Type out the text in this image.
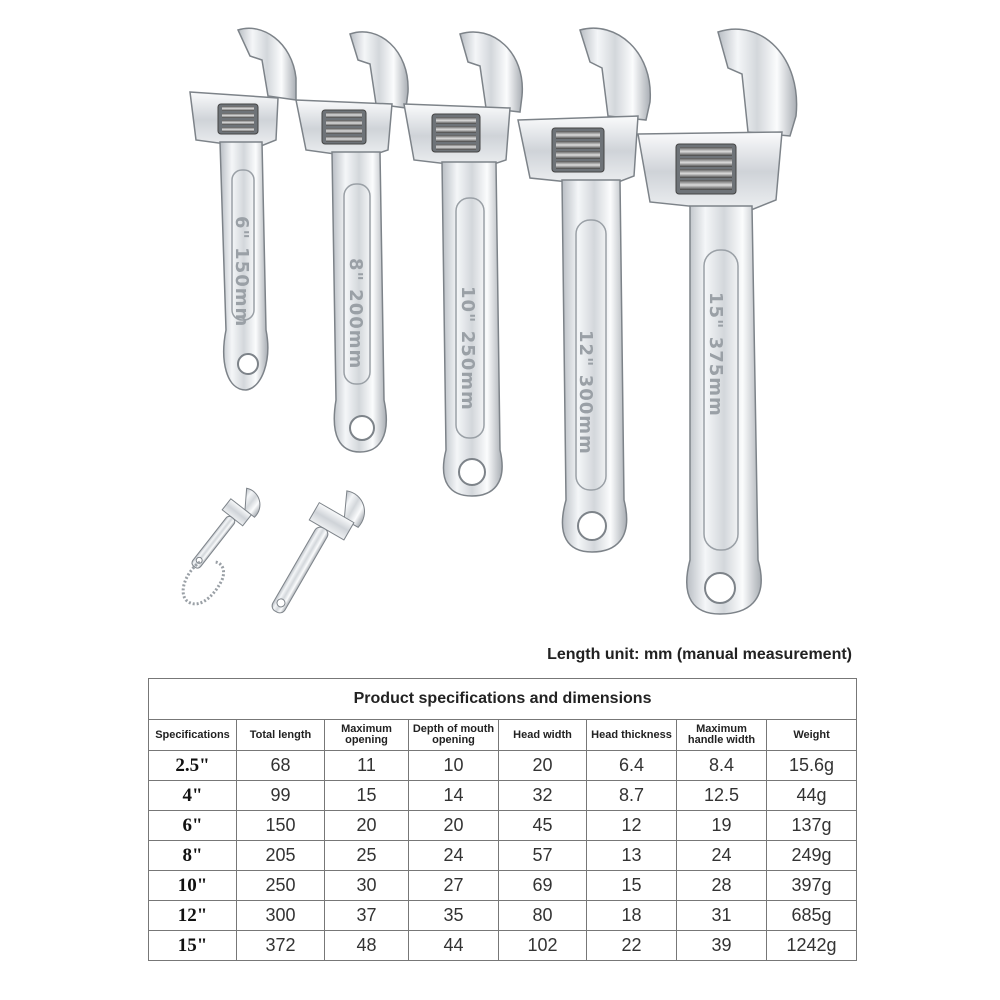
6" 150mm	8" 200mm	10" 250mm	12" 300mm	15" 375mm
Length unit: mm (manual measurement)
Product specifications and dimensions							
Specifications	Total length	Maximum opening	Depth of mouth opening	Head width	Head thickness	Maximum handle width	Weight
2.5"	68	11	10	20	6.4	8.4	15.6g
4"	99	15	14	32	8.7	12.5	44g
6"	150	20	20	45	12	19	137g
8"	205	25	24	57	13	24	249g
10"	250	30	27	69	15	28	397g
12"	300	37	35	80	18	31	685g
15"	372	48	44	102	22	39	1242g
